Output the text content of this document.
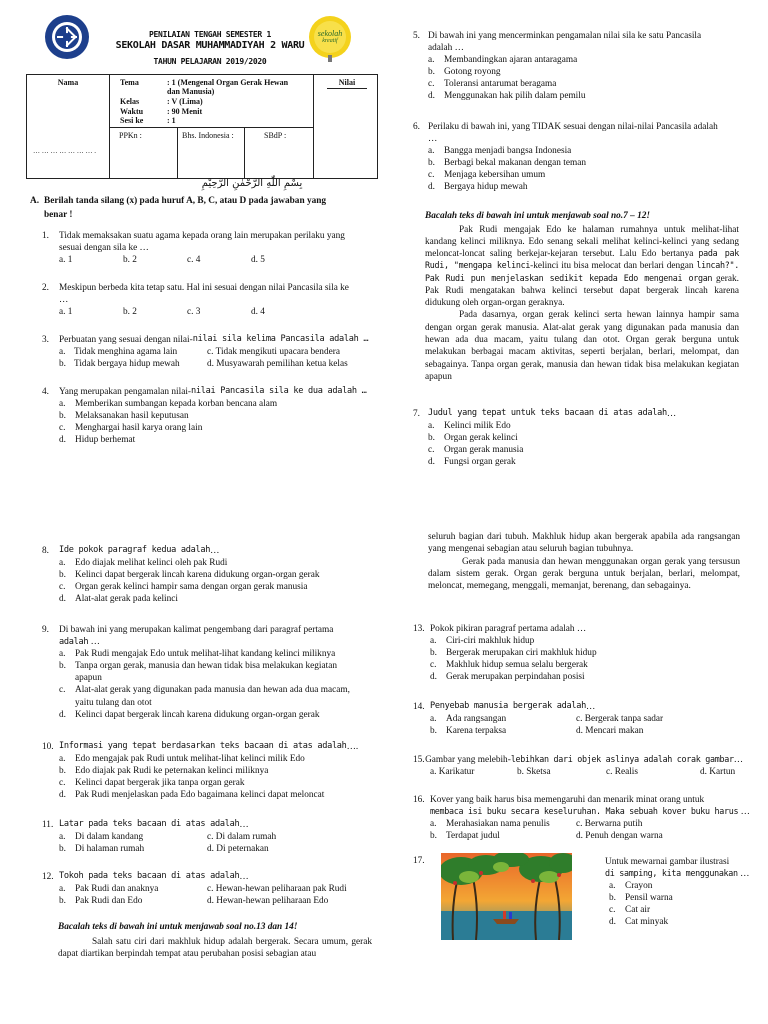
PENILAIAN TENGAH SEMESTER 1
SEKOLAH DASAR MUHAMMADIYAH 2 WARU
TAHUN PELAJARAN 2019/2020
sekolah
kreatif
Nama
… … … … … … … .
Nilai
Tema	: 1 (Mengenal Organ Gerak Hewan dan Manusia)
Kelas	: V (Lima)
Waktu	: 90 Menit
Sesi ke	: 1
PPKn :	Bhs. Indonesia :	SBdP :
بِسْمِ اللّٰهِ الرَّحْمٰنِ الرَّحِيْمِ
A. Berilah tanda silang (x) pada huruf A, B, C, atau D pada jawaban yang
benar !
1.	Tidak memaksakan suatu agama kepada orang lain merupakan perilaku yang
sesuai dengan sila ke …
a. 1	b. 2	c. 4	d. 5
2.	Meskipun berbeda kita tetap satu. Hal ini sesuai dengan nilai Pancasila sila ke
…
a. 1	b. 2	c. 3	d. 4
3.	Perbuatan yang sesuai dengan nilai- nilai sila kelima Pancasila adalah …
a. Tidak menghina agama lain	c. Tidak mengikuti upacara bendera
b. Tidak bergaya hidup mewah	d. Musyawarah pemilihan ketua kelas
4.	Yang merupakan pengamalan nilai- nilai Pancasila sila ke dua adalah …
a.	Memberikan sumbangan kepada korban bencana alam
b. Melaksanakan hasil keputusan
c.	Menghargai hasil karya orang lain
d. Hidup berhemat
5. Di bawah ini yang mencerminkan pengamalan nilai sila ke satu Pancasila
adalah …
a.	Membandingkan ajaran antaragama
b. Gotong royong
c.	Toleransi antarumat beragama
d. Menggunakan hak pilih dalam pemilu
6. Perilaku di bawah ini, yang TIDAK sesuai dengan nilai-nilai Pancasila adalah
…
a.	Bangga menjadi bangsa Indonesia
b. Berbagi bekal makanan dengan teman
c.	Menjaga kebersihan umum
d. Bergaya hidup mewah
Bacalah teks di bawah ini untuk menjawab soal no.7 – 12!
Pak Rudi mengajak Edo ke halaman rumahnya untuk melihat-lihat kandang kelinci miliknya. Edo senang sekali melihat kelinci-kelinci yang sedang meloncat-loncat saling berkejar-kejaran tersebut. Lalu Edo bertanya pada pak Rudi, "mengapa kelinci-kelinci itu bisa melocat dan berlari dengan lincah?". Pak Rudi pun menjelaskan sedikit kepada Edo mengenai organ gerak. Pak Rudi mengatakan bahwa kelinci tersebut dapat bergerak lincah karena didukung oleh organ-organ geraknya.
Pada dasarnya, organ gerak kelinci serta hewan lainnya hampir sama dengan organ gerak manusia. Alat-alat gerak yang digunakan pada manusia dan hewan ada dua macam, yaitu tulang dan otot. Organ gerak berguna untuk melakukan berbagai macam aktivitas, seperti berjalan, berlari, melompat, dan sebagainya. Tanpa organ gerak, manusia dan hewan tidak bisa melakukan kegiatan apapun
7. Judul yang tepat untuk teks bacaan di atas adalah …
a.	Kelinci milik Edo
b. Organ gerak kelinci
c.	Organ gerak manusia
d. Fungsi organ gerak
8.	Ide pokok paragraf kedua adalah …
a.	Edo diajak melihat kelinci oleh pak Rudi
b. Kelinci dapat bergerak lincah karena didukung organ-organ gerak
c.	Organ gerak kelinci hampir sama dengan organ gerak manusia
d. Alat-alat gerak pada kelinci
9.	Di bawah ini yang merupakan kalimat pengembang dari paragraf pertama
adalah …
a.	Pak Rudi mengajak Edo untuk melihat-lihat kandang kelinci miliknya
b. Tanpa organ gerak, manusia dan hewan tidak bisa melakukan kegiatan
apapun
c.	Alat-alat gerak yang digunakan pada manusia dan hewan ada dua macam,
yaitu tulang dan otot
d. Kelinci dapat bergerak lincah karena didukung organ-organ gerak
10. Informasi yang tepat berdasarkan teks bacaan di atas adalah ….
a.	Edo mengajak pak Rudi untuk melihat-lihat kelinci milik Edo
b. Edo diajak pak Rudi ke peternakan kelinci miliknya
c.	Kelinci dapat bergerak jika tanpa organ gerak
d. Pak Rudi menjelaskan pada Edo bagaimana kelinci dapat meloncat
11. Latar pada teks bacaan di atas adalah …
a.	Di dalam kandang	c. Di dalam rumah
b. Di halaman rumah	d. Di peternakan
12. Tokoh pada teks bacaan di atas adalah …
a.	Pak Rudi dan anaknya	c. Hewan-hewan peliharaan pak Rudi
b. Pak Rudi dan Edo	d. Hewan-hewan peliharaan Edo
Bacalah teks di bawah ini untuk menjawab soal no.13 dan 14!
Salah satu ciri dari makhluk hidup adalah bergerak. Secara umum, gerak dapat diartikan berpindah tempat atau perubahan posisi sebagian atau
seluruh bagian dari tubuh. Makhluk hidup akan bergerak apabila ada rangsangan yang mengenai sebagian atau seluruh bagian tubuhnya.
Gerak pada manusia dan hewan menggunakan organ gerak yang tersusun dalam sistem gerak. Organ gerak berguna untuk berjalan, berlari, melompat, meloncat, memegang, menggali, memanjat, berenang, dan sebagainya.
13. Pokok pikiran paragraf pertama adalah …
a.	Ciri-ciri makhluk hidup
b. Bergerak merupakan ciri makhluk hidup
c.	Makhluk hidup semua selalu bergerak
d. Gerak merupakan perpindahan posisi
14. Penyebab manusia bergerak adalah …
a.	Ada rangsangan	c. Bergerak tanpa sadar
b. Karena terpaksa	d. Mencari makan
15. Gambar yang melebih- lebihkan dari objek aslinya adalah corak gambar …
a. Karikatur	b. Sketsa	c. Realis	d. Kartun
16. Kover yang baik harus bisa memengaruhi dan menarik minat orang untuk
membaca isi buku secara keseluruhan. Maka sebuah kover buku harus …
a.	Merahasiakan nama penulis	c. Berwarna putih
b. Terdapat judul	d. Penuh dengan warna
17.	Untuk mewarnai gambar ilustrasi
di samping, kita menggunakan …
a.	Crayon
b. Pensil warna
c.	Cat air
d. Cat minyak
